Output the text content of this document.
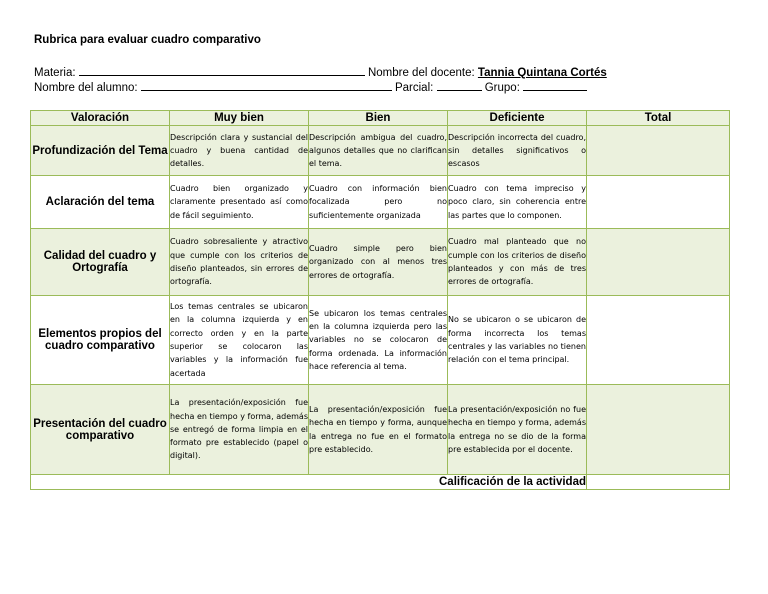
Rubrica para evaluar cuadro comparativo
Materia:	Nombre del docente: Tannia Quintana Cortés
Nombre del alumno:	Parcial:	Grupo:
Valoración	Muy bien	Bien	Deficiente	Total
Profundización del Tema	Descripción clara y sustancial del cuadro y buena cantidad de detalles.	Descripción ambigua del cuadro, algunos detalles que no clarifican el tema.	Descripción incorrecta del cuadro, sin detalles significativos o escasos	
Aclaración del tema	Cuadro bien organizado y claramente presentado así como de fácil seguimiento.	Cuadro con información bien focalizada pero no suficientemente organizada	Cuadro con tema impreciso y poco claro, sin coherencia entre las partes que lo componen.	
Calidad del cuadro y Ortografía	Cuadro sobresaliente y atractivo que cumple con los criterios de diseño planteados, sin errores de ortografía.	Cuadro simple pero bien organizado con al menos tres errores de ortografía.	Cuadro mal planteado que no cumple con los criterios de diseño planteados y con más de tres errores de ortografía.	
Elementos propios del cuadro comparativo	Los temas centrales se ubicaron en la columna izquierda y en correcto orden y en la parte superior se colocaron las variables y la información fue acertada	Se ubicaron los temas centrales en la columna izquierda pero las variables no se colocaron de forma ordenada. La información hace referencia al tema.	No se ubicaron o se ubicaron de forma incorrecta los temas centrales y las variables no tienen relación con el tema principal.	
Presentación del cuadro comparativo	La presentación/exposición fue hecha en tiempo y forma, además se entregó de forma limpia en el formato pre establecido (papel o digital).	La presentación/exposición fue hecha en tiempo y forma, aunque la entrega no fue en el formato pre establecido.	La presentación/exposición no fue hecha en tiempo y forma, además la entrega no se dio de la forma pre establecida por el docente.	
Calificación de la actividad				
